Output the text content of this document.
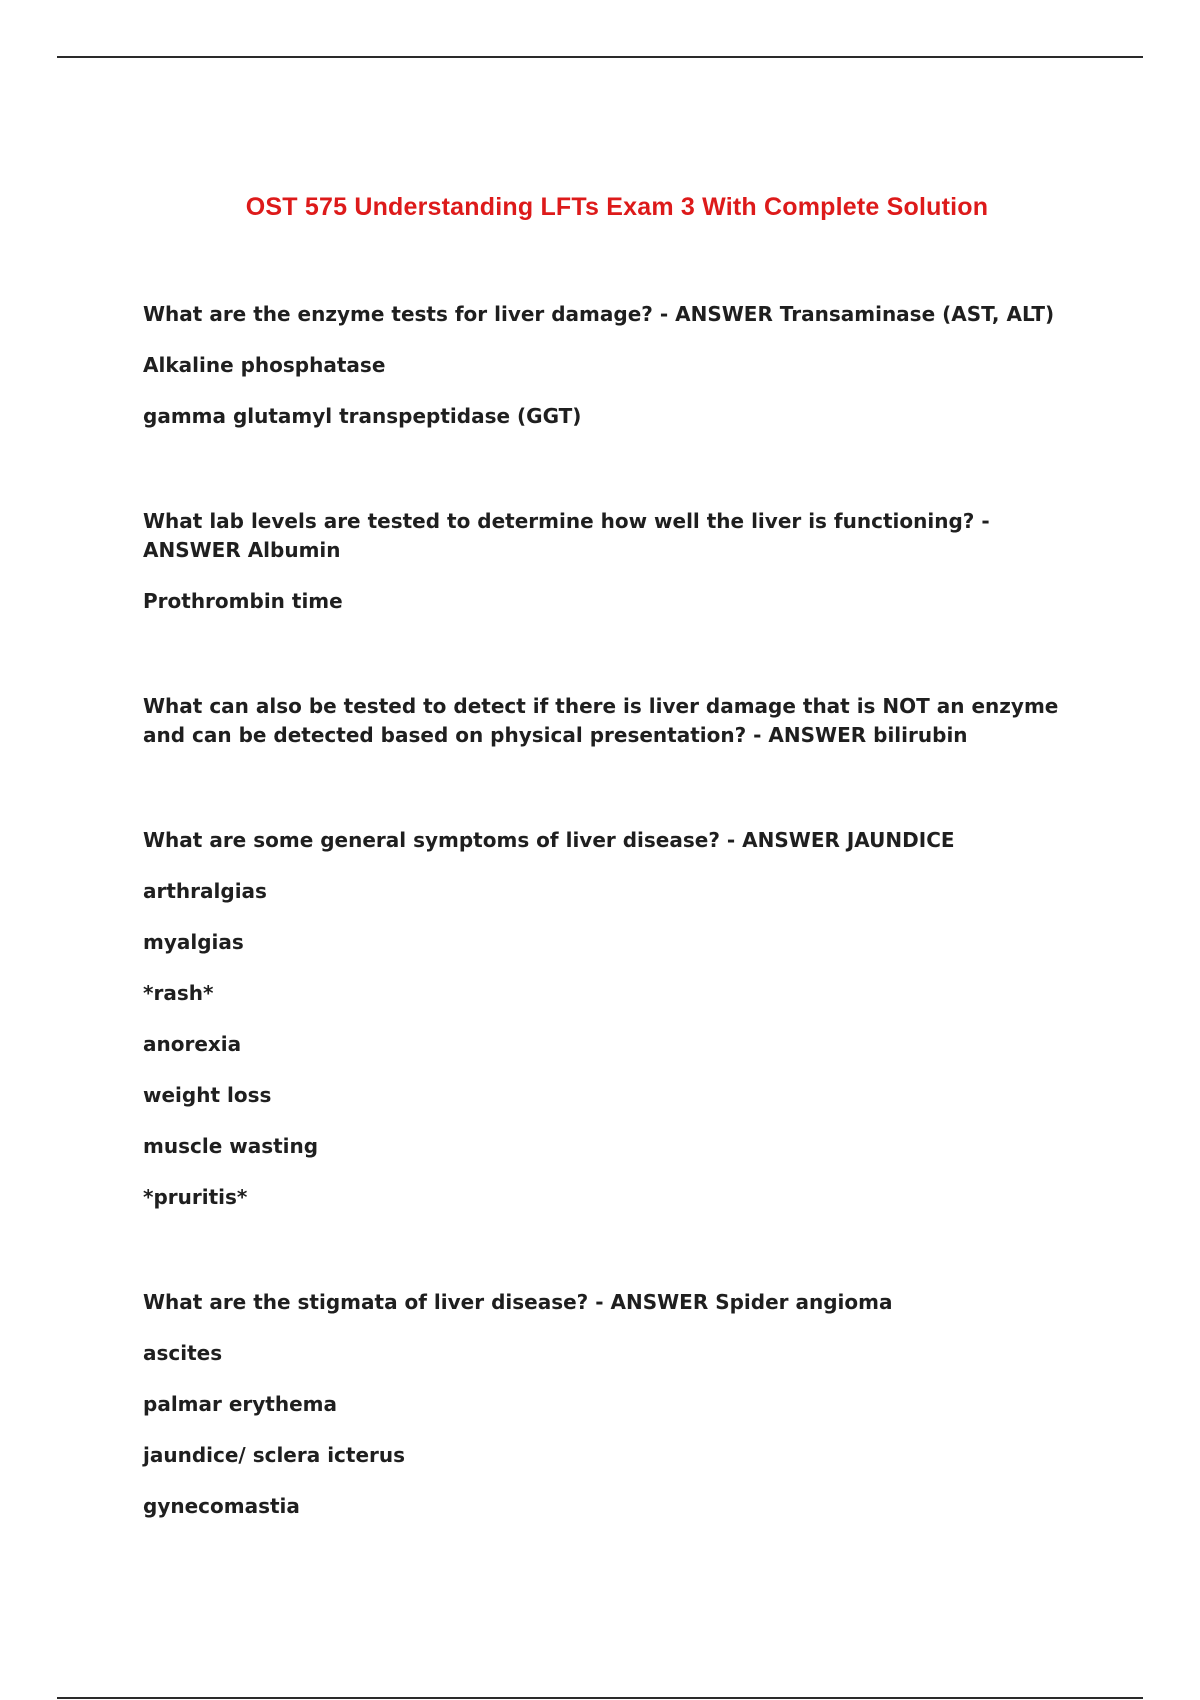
OST 575 Understanding LFTs Exam 3 With Complete Solution
What are the enzyme tests for liver damage? - ANSWER Transaminase (AST, ALT)
Alkaline phosphatase
gamma glutamyl transpeptidase (GGT)
What lab levels are tested to determine how well the liver is functioning? - ANSWER Albumin
Prothrombin time
What can also be tested to detect if there is liver damage that is NOT an enzyme and can be detected based on physical presentation? - ANSWER bilirubin
What are some general symptoms of liver disease? - ANSWER JAUNDICE
arthralgias
myalgias
*rash*
anorexia
weight loss
muscle wasting
*pruritis*
What are the stigmata of liver disease? - ANSWER Spider angioma
ascites
palmar erythema
jaundice/ sclera icterus
gynecomastia
